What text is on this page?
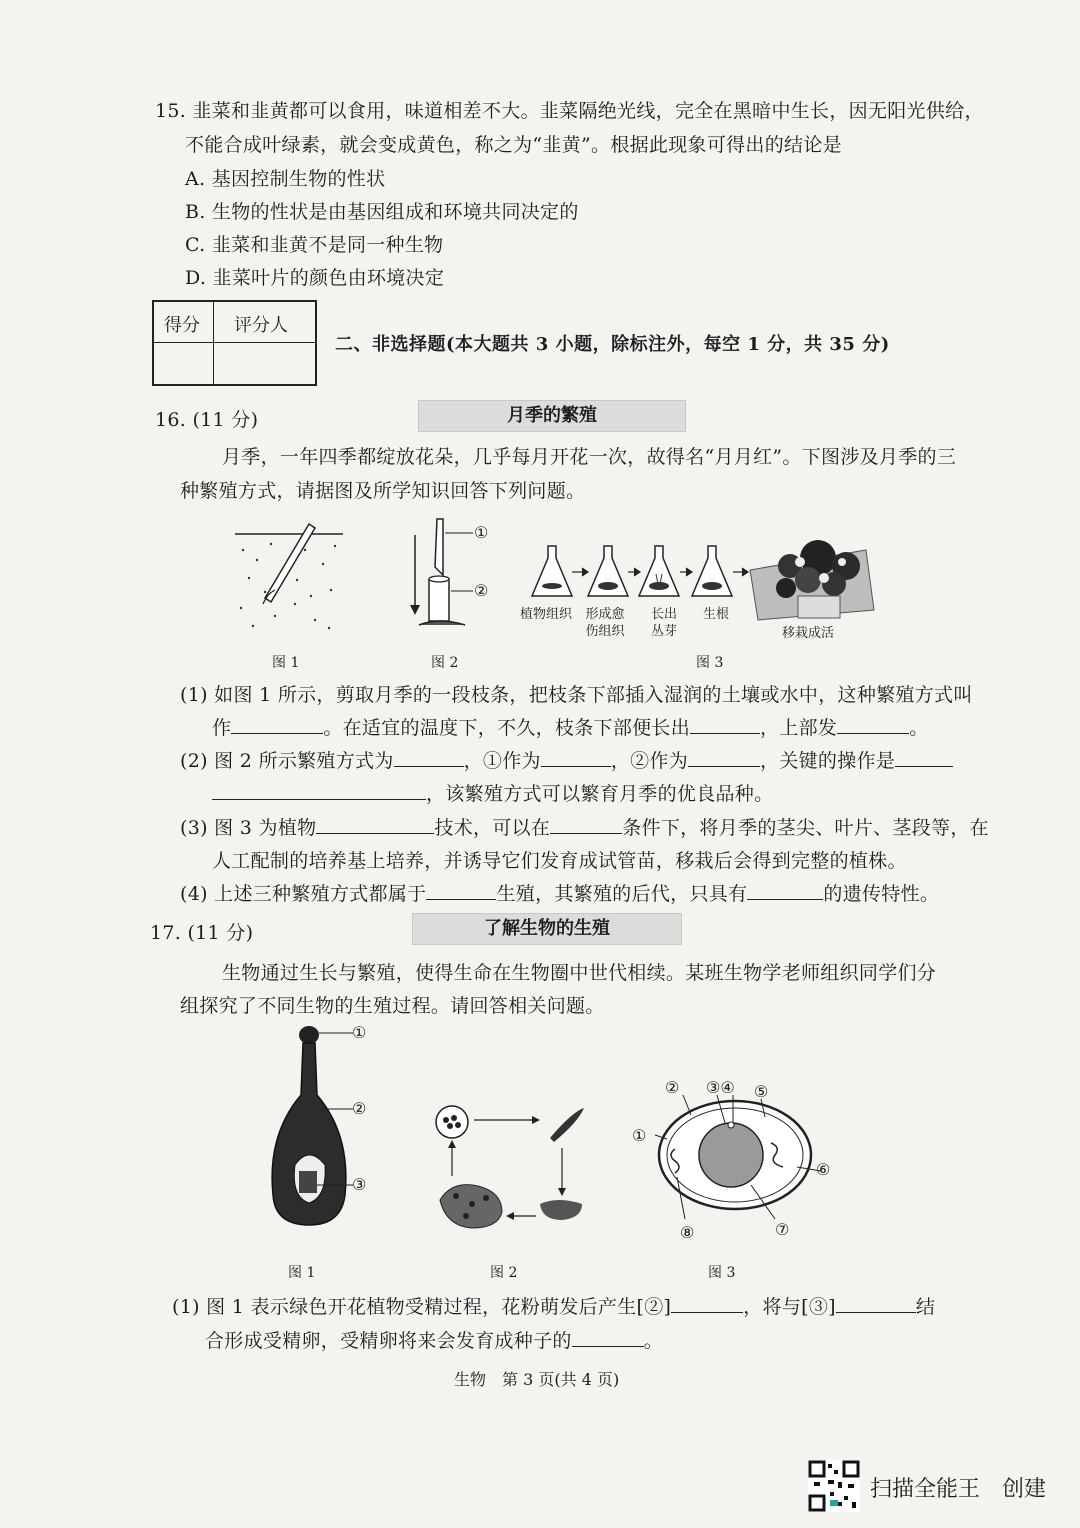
15. 韭菜和韭黄都可以食用，味道相差不大。韭菜隔绝光线，完全在黑暗中生长，因无阳光供给，
不能合成叶绿素，就会变成黄色，称之为“韭黄”。根据此现象可得出的结论是
A. 基因控制生物的性状
B. 生物的性状是由基因组成和环境共同决定的
C. 韭菜和韭黄不是同一种生物
D. 韭菜叶片的颜色由环境决定
得分 评分人
二、非选择题(本大题共 3 小题，除标注外，每空 1 分，共 35 分)
16. (11 分)	月季的繁殖
月季，一年四季都绽放花朵，几乎每月开花一次，故得名“月月红”。下图涉及月季的三
种繁殖方式，请据图及所学知识回答下列问题。
①
②
植物组织	形成愈
伤组织
长出
丛芽
生根
移栽成活
图 1	图 2	图 3
(1) 如图 1 所示，剪取月季的一段枝条，把枝条下部插入湿润的土壤或水中，这种繁殖方式叫
作	。在适宜的温度下，不久，枝条下部便长出	，上部发	。
(2) 图 2 所示繁殖方式为	，①作为	，②作为	，关键的操作是
，该繁殖方式可以繁育月季的优良品种。
(3) 图 3 为植物	技术，可以在	条件下，将月季的茎尖、叶片、茎段等，在
人工配制的培养基上培养，并诱导它们发育成试管苗，移栽后会得到完整的植株。
(4) 上述三种繁殖方式都属于	生殖，其繁殖的后代，只具有	的遗传特性。
17. (11 分)	了解生物的生殖
生物通过生长与繁殖，使得生命在生物圈中世代相续。某班生物学老师组织同学们分
组探究了不同生物的生殖过程。请回答相关问题。
①
②
③
② ③④ ⑤
①
⑥
⑦
⑧
图 1	图 2	图 3
(1) 图 1 表示绿色开花植物受精过程，花粉萌发后产生[②]	，将与[③]	结
合形成受精卵，受精卵将来会发育成种子的	。
生物　第 3 页(共 4 页)
扫描全能王　创建
